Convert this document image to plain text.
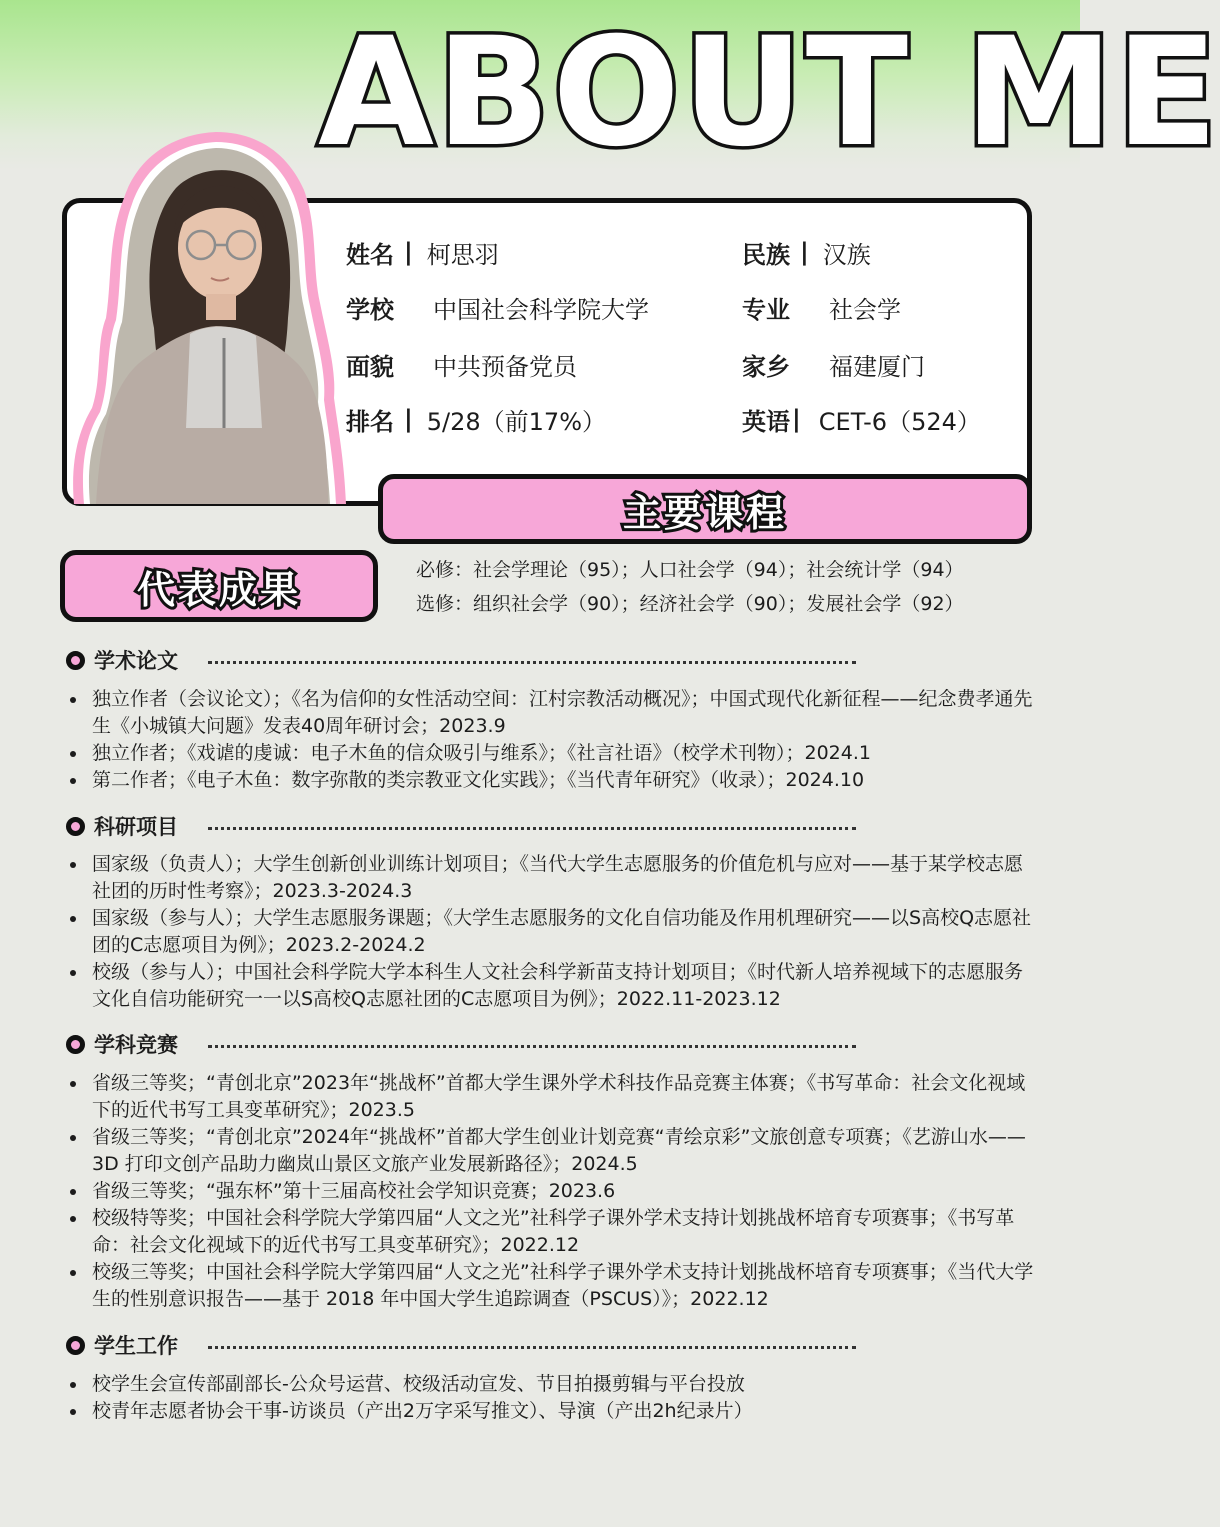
ABOUT ME
姓名 | 柯思羽
学校 中国社会科学院大学
面貌 中共预备党员
排名 | 5/28（前17%）
民族 | 汉族
专业 社会学
家乡 福建厦门
英语 | CET-6（524）
主要课程
代表成果	必修：社会学理论（95）；人口社会学（94）；社会统计学（94）
选修：组织社会学（90）；经济社会学（90）；发展社会学（92）
学术论文
独立作者（会议论文）；《名为信仰的女性活动空间：江村宗教活动概况》；中国式现代化新征程——纪念费孝通先生《小城镇大问题》发表40周年研讨会；2023.9
独立作者；《戏谑的虔诚：电子木鱼的信众吸引与维系》；《社言社语》（校学术刊物）；2024.1
第二作者；《电子木鱼：数字弥散的类宗教亚文化实践》；《当代青年研究》（收录）；2024.10
科研项目
国家级（负责人）；大学生创新创业训练计划项目；《当代大学生志愿服务的价值危机与应对——基于某学校志愿社团的历时性考察》；2023.3-2024.3
国家级（参与人）；大学生志愿服务课题；《大学生志愿服务的文化自信功能及作用机理研究——以S高校Q志愿社团的C志愿项目为例》；2023.2-2024.2
校级（参与人）；中国社会科学院大学本科生人文社会科学新苗支持计划项目；《时代新人培养视域下的志愿服务文化自信功能研究一一以S高校Q志愿社团的C志愿项目为例》；2022.11-2023.12
学科竞赛
省级三等奖；“青创北京”2023年“挑战杯”首都大学生课外学术科技作品竞赛主体赛；《书写革命：社会文化视域下的近代书写工具变革研究》；2023.5
省级三等奖；“青创北京”2024年“挑战杯”首都大学生创业计划竞赛“青绘京彩”文旅创意专项赛；《艺游山水——3D 打印文创产品助力幽岚山景区文旅产业发展新路径》；2024.5
省级三等奖；“强东杯”第十三届高校社会学知识竞赛；2023.6
校级特等奖；中国社会科学院大学第四届“人文之光”社科学子课外学术支持计划挑战杯培育专项赛事；《书写革命：社会文化视域下的近代书写工具变革研究》；2022.12
校级三等奖；中国社会科学院大学第四届“人文之光”社科学子课外学术支持计划挑战杯培育专项赛事；《当代大学生的性别意识报告——基于 2018 年中国大学生追踪调查（PSCUS）》；2022.12
学生工作
校学生会宣传部副部长-公众号运营、校级活动宣发、节目拍摄剪辑与平台投放
校青年志愿者协会干事-访谈员（产出2万字采写推文）、导演（产出2h纪录片）
